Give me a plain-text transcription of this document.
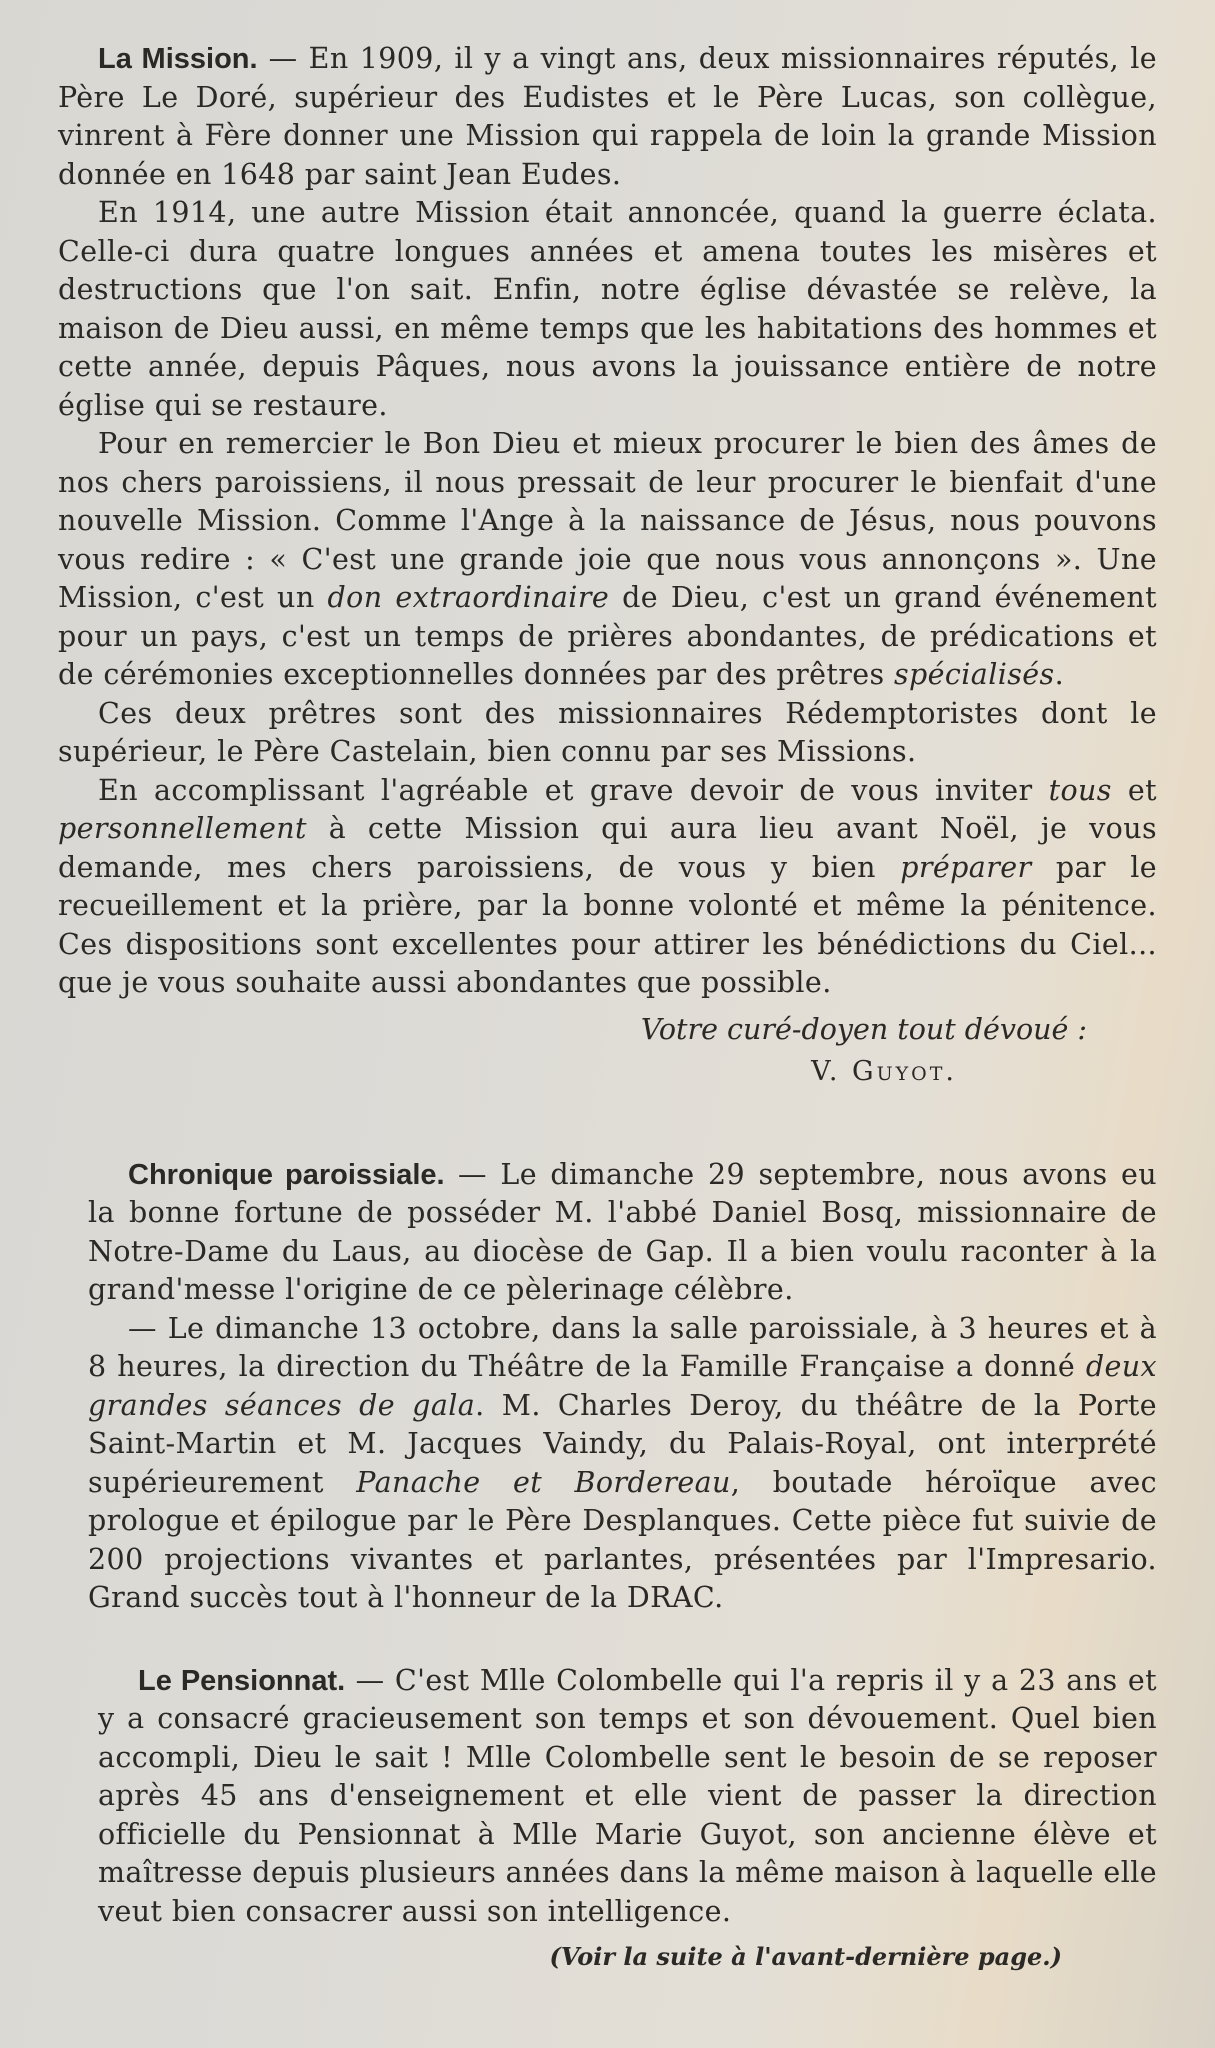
La Mission. — En 1909, il y a vingt ans, deux missionnaires réputés, le Père Le Doré, supérieur des Eudistes et le Père Lucas, son collègue, vinrent à Fère donner une Mission qui rappela de loin la grande Mission donnée en 1648 par saint Jean Eudes.

En 1914, une autre Mission était annoncée, quand la guerre éclata. Celle-ci dura quatre longues années et amena toutes les misères et destructions que l'on sait. Enfin, notre église dévastée se relève, la maison de Dieu aussi, en même temps que les habitations des hommes et cette année, depuis Pâques, nous avons la jouissance entière de notre église qui se restaure.

Pour en remercier le Bon Dieu et mieux procurer le bien des âmes de nos chers paroissiens, il nous pressait de leur procurer le bienfait d'une nouvelle Mission. Comme l'Ange à la naissance de Jésus, nous pouvons vous redire : « C'est une grande joie que nous vous annonçons ». Une Mission, c'est un don extraordinaire de Dieu, c'est un grand événement pour un pays, c'est un temps de prières abondantes, de prédications et de cérémonies exceptionnelles données par des prêtres spécialisés.

Ces deux prêtres sont des missionnaires Rédemptoristes dont le supérieur, le Père Castelain, bien connu par ses Missions.

En accomplissant l'agréable et grave devoir de vous inviter tous et personnellement à cette Mission qui aura lieu avant Noël, je vous demande, mes chers paroissiens, de vous y bien préparer par le recueillement et la prière, par la bonne volonté et même la pénitence. Ces dispositions sont excellentes pour attirer les bénédictions du Ciel... que je vous souhaite aussi abondantes que possible.

Votre curé-doyen tout dévoué :

V. Guyot.

Chronique paroissiale. — Le dimanche 29 septembre, nous avons eu la bonne fortune de posséder M. l'abbé Daniel Bosq, missionnaire de Notre-Dame du Laus, au diocèse de Gap. Il a bien voulu raconter à la grand'messe l'origine de ce pèlerinage célèbre.

— Le dimanche 13 octobre, dans la salle paroissiale, à 3 heures et à 8 heures, la direction du Théâtre de la Famille Française a donné deux grandes séances de gala. M. Charles Deroy, du théâtre de la Porte Saint-Martin et M. Jacques Vaindy, du Palais-Royal, ont interprété supérieurement Panache et Bordereau, boutade héroïque avec prologue et épilogue par le Père Desplanques. Cette pièce fut suivie de 200 projections vivantes et parlantes, présentées par l'Impresario. Grand succès tout à l'honneur de la DRAC.

Le Pensionnat. — C'est Mlle Colombelle qui l'a repris il y a 23 ans et y a consacré gracieusement son temps et son dévouement. Quel bien accompli, Dieu le sait ! Mlle Colombelle sent le besoin de se reposer après 45 ans d'enseignement et elle vient de passer la direction officielle du Pensionnat à Mlle Marie Guyot, son ancienne élève et maîtresse depuis plusieurs années dans la même maison à laquelle elle veut bien consacrer aussi son intelligence.

(Voir la suite à l'avant-dernière page.)
